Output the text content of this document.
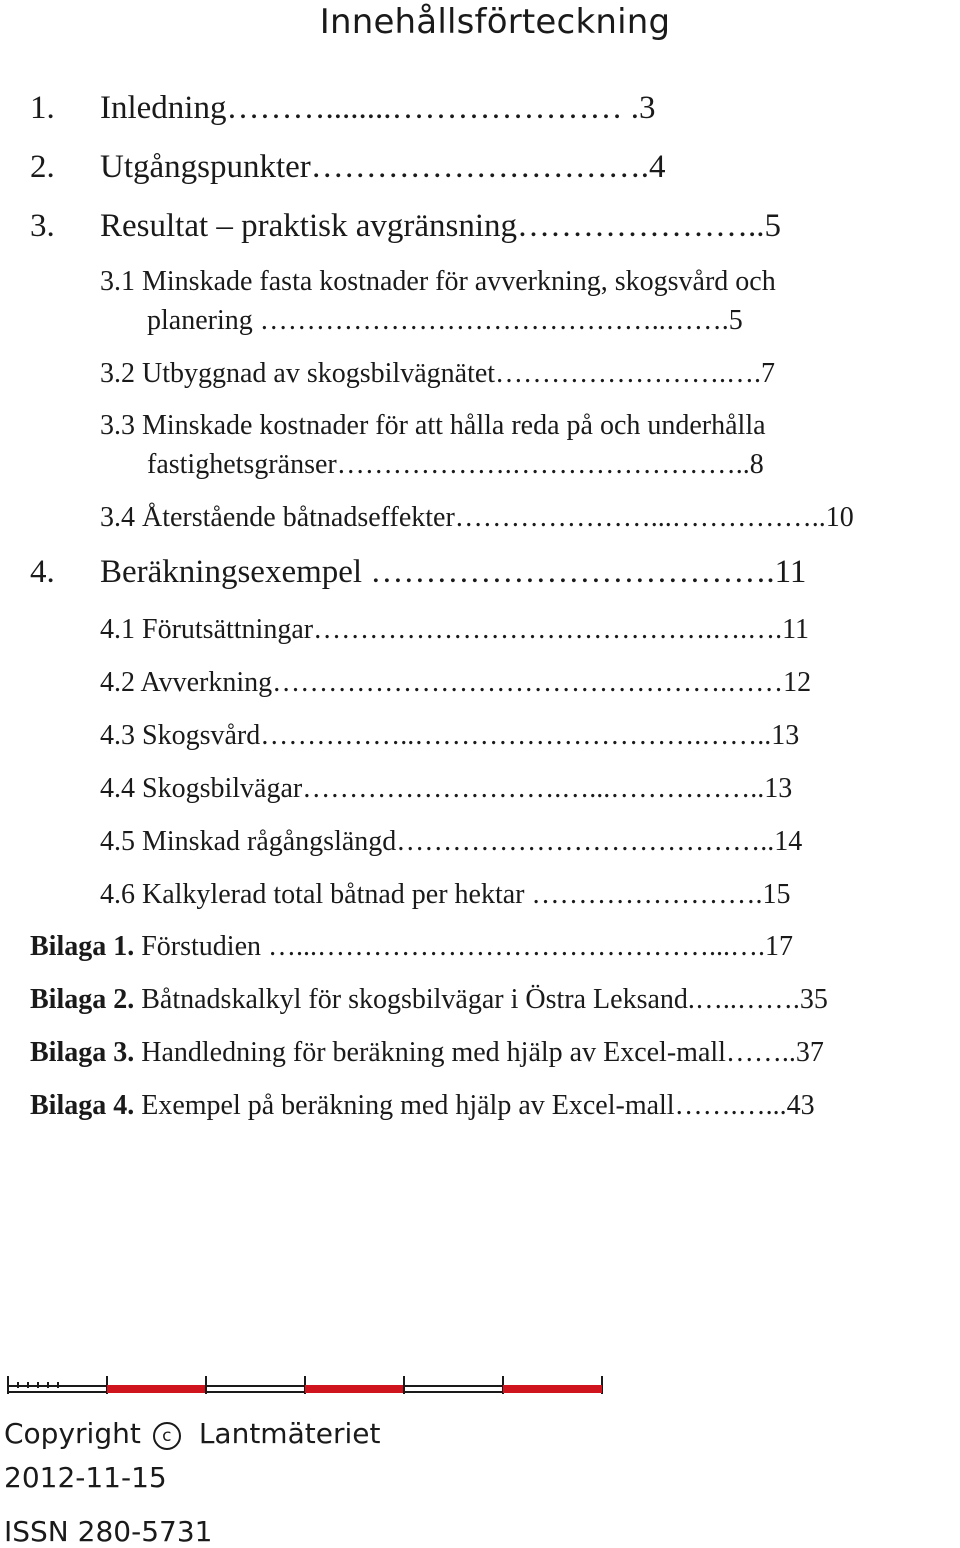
Innehållsförteckning
1. Inledning………........………………… .3
2. Utgångspunkter………………………….4
3. Resultat – praktisk avgränsning…………………..5
3.1 Minskade fasta kostnader för avverkning, skogsvård och
planering ……………………………………..…….5
3.2 Utbyggnad av skogsbilvägnätet…………………….….7
3.3 Minskade kostnader för att hålla reda på och underhålla
fastighetsgränser……………….……………………..8
3.4 Återstående båtnadseffekter…………………...……………..10
4. Beräkningsexempel ……………………………….11
4.1 Förutsättningar…………………………………….….….11
4.2 Avverkning………………………………………….……12
4.3 Skogsvård……………..………………………….……..13
4.4 Skogsbilvägar……………………….…...……………..13
4.5 Minskad rågångslängd…………………………………..14
4.6 Kalkylerad total båtnad per hektar …………………….15
Bilaga 1. Förstudien …...……………………………………...….17
Bilaga 2. Båtnadskalkyl för skogsbilvägar i Östra Leksand.…..…….35
Bilaga 3. Handledning för beräkning med hjälp av Excel-mall……..37
Bilaga 4. Exempel på beräkning med hjälp av Excel-mall…….…...43
Copyright c Lantmäteriet
2012-11-15
ISSN 280-5731
